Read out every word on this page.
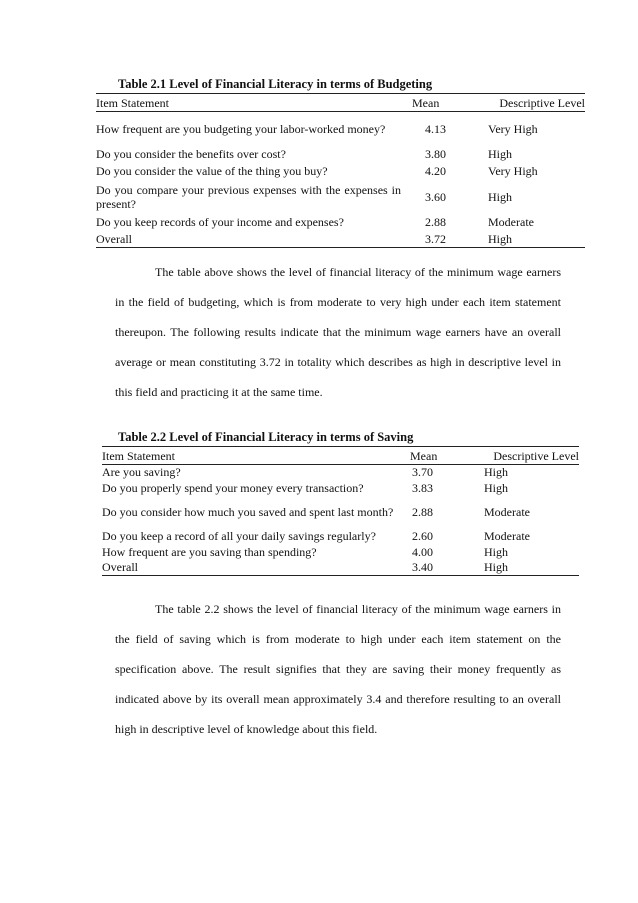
Table 2.1 Level of Financial Literacy in terms of Budgeting
Item Statement	Mean	Descriptive Level
How frequent are you budgeting your labor-worked money?	4.13	Very High
Do you consider the benefits over cost?	3.80	High
Do you consider the value of the thing you buy?	4.20	Very High
Do you compare your previous expenses with the expenses in present?	3.60	High
Do you keep records of your income and expenses?	2.88	Moderate
Overall	3.72	High
The table above shows the level of financial literacy of the minimum wage earners in the field of budgeting, which is from moderate to very high under each item statement thereupon. The following results indicate that the minimum wage earners have an overall average or mean constituting 3.72 in totality which describes as high in descriptive level in this field and practicing it at the same time.
Table 2.2 Level of Financial Literacy in terms of Saving
Item Statement	Mean	Descriptive Level
Are you saving?	3.70	High
Do you properly spend your money every transaction?	3.83	High
Do you consider how much you saved and spent last month?	2.88	Moderate
Do you keep a record of all your daily savings regularly?	2.60	Moderate
How frequent are you saving than spending?	4.00	High
Overall	3.40	High
The table 2.2 shows the level of financial literacy of the minimum wage earners in the field of saving which is from moderate to high under each item statement on the specification above. The result signifies that they are saving their money frequently as indicated above by its overall mean approximately 3.4 and therefore resulting to an overall high in descriptive level of knowledge about this field.
